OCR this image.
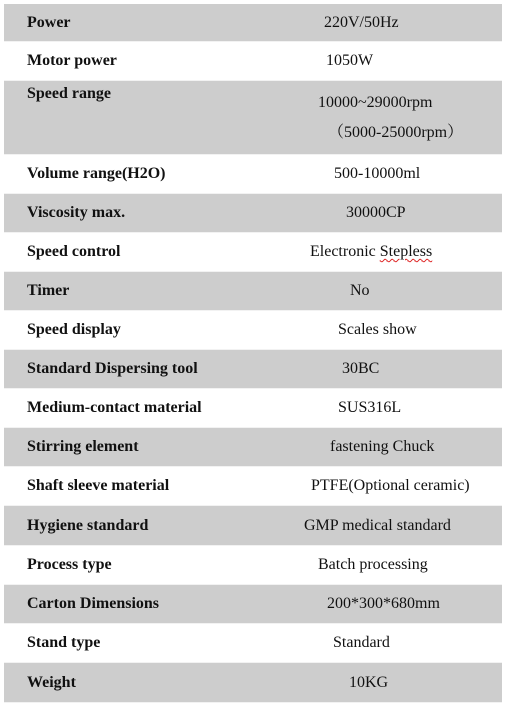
Power	220V/50Hz
Motor power	1050W
Speed range	10000~29000rpm
（5000-25000rpm）

Volume range(H2O)	500-10000ml
Viscosity max.	30000CP
Speed control	Electronic Stepless
Timer	No
Speed display	Scales show
Standard Dispersing tool	30BC
Medium-contact material	SUS316L
Stirring element	fastening Chuck
Shaft sleeve material	PTFE(Optional ceramic)
Hygiene standard	GMP medical standard
Process type	Batch processing
Carton Dimensions	200*300*680mm
Stand type	Standard
Weight	10KG
